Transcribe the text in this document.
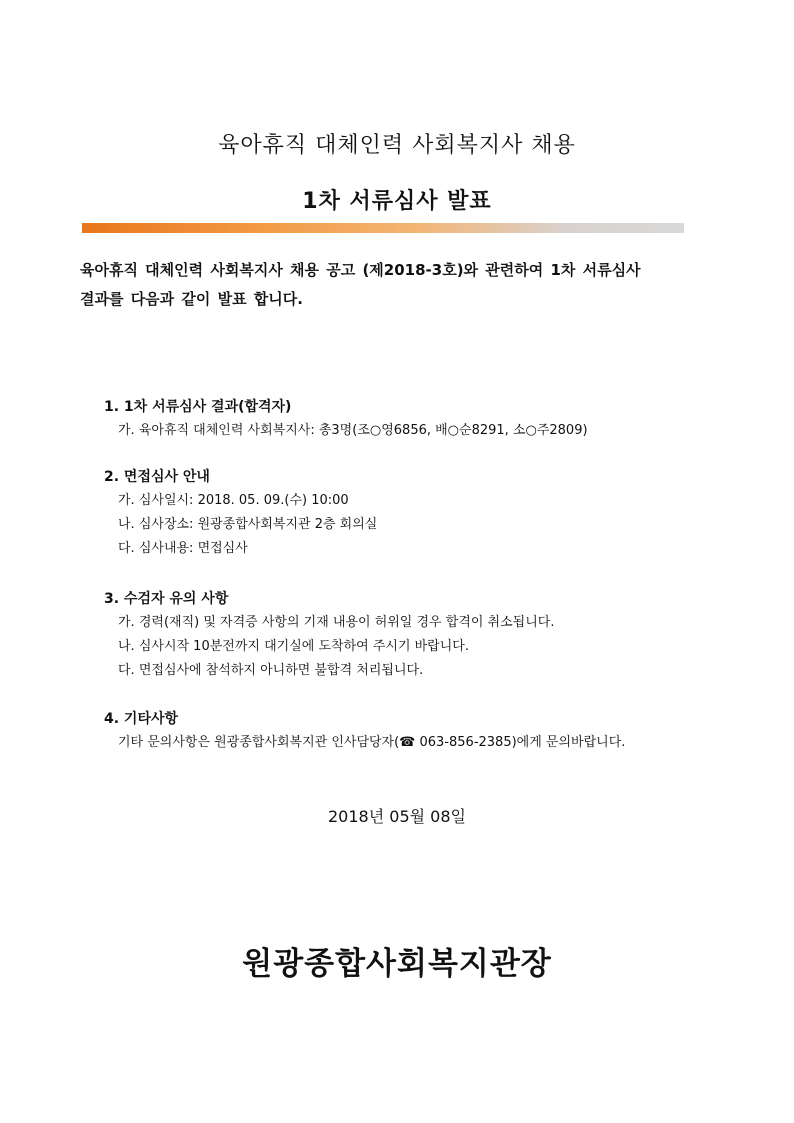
육아휴직 대체인력 사회복지사 채용
1차 서류심사 발표
육아휴직 대체인력 사회복지사 채용 공고 (제2018-3호)와 관련하여 1차 서류심사
결과를 다음과 같이 발표 합니다.
1. 1차 서류심사 결과(합격자)
가. 육아휴직 대체인력 사회복지사: 총3명(조○영6856, 배○순8291, 소○주2809)
2. 면접심사 안내
가. 심사일시: 2018. 05. 09.(수) 10:00
나. 심사장소: 원광종합사회복지관 2층 회의실
다. 심사내용: 면접심사
3. 수검자 유의 사항
가. 경력(재직) 및 자격증 사항의 기재 내용이 허위일 경우 합격이 취소됩니다.
나. 심사시작 10분전까지 대기실에 도착하여 주시기 바랍니다.
다. 면접심사에 참석하지 아니하면 불합격 처리됩니다.
4. 기타사항
기타 문의사항은 원광종합사회복지관 인사담당자(☎ 063-856-2385)에게 문의바랍니다.
2018년 05월 08일
원광종합사회복지관장
